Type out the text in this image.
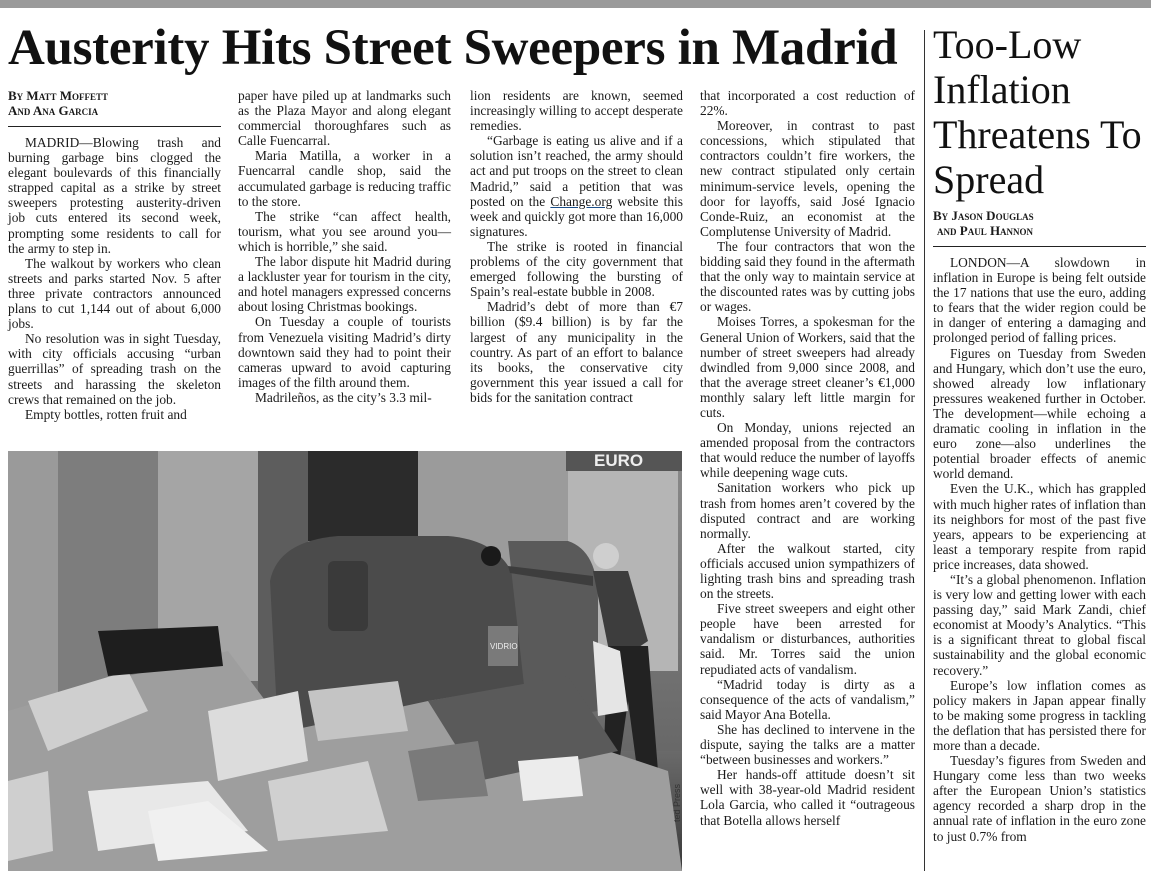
Austerity Hits Street Sweepers in Madrid
By Matt Moffett
And Ana Garcia

MADRID—Blowing trash and burning garbage bins clogged the elegant boulevards of this financially strapped capital as a strike by street sweepers protesting austerity-driven job cuts entered its second week, prompting some residents to call for the army to step in.

The walkout by workers who clean streets and parks started Nov. 5 after three private contractors announced plans to cut 1,144 out of about 6,000 jobs.

No resolution was in sight Tuesday, with city officials accusing “urban guerrillas” of spreading trash on the streets and harassing the skeleton crews that remained on the job.

Empty bottles, rotten fruit and

paper have piled up at landmarks such as the Plaza Mayor and along elegant commercial thoroughfares such as Calle Fuencarral.

Maria Matilla, a worker in a Fuencarral candle shop, said the accumulated garbage is reducing traffic to the store.

The strike “can affect health, tourism, what you see around you—which is horrible,” she said.

The labor dispute hit Madrid during a lackluster year for tourism in the city, and hotel managers expressed concerns about losing Christmas bookings.

On Tuesday a couple of tourists from Venezuela visiting Madrid’s dirty downtown said they had to point their cameras upward to avoid capturing images of the filth around them.

Madrileños, as the city’s 3.3 mil-

lion residents are known, seemed increasingly willing to accept desperate remedies.

“Garbage is eating us alive and if a solution isn’t reached, the army should act and put troops on the street to clean Madrid,” said a petition that was posted on the Change.org website this week and quickly got more than 16,000 signatures.

The strike is rooted in financial problems of the city government that emerged following the bursting of Spain’s real-estate bubble in 2008.

Madrid’s debt of more than €7 billion ($9.4 billion) is by far the largest of any municipality in the country. As part of an effort to balance its books, the conservative city government this year issued a call for bids for the sanitation contract

that incorporated a cost reduction of 22%.

Moreover, in contrast to past concessions, which stipulated that contractors couldn’t fire workers, the new contract stipulated only certain minimum-service levels, opening the door for layoffs, said José Ignacio Conde-Ruiz, an economist at the Complutense University of Madrid.

The four contractors that won the bidding said they found in the aftermath that the only way to maintain service at the discounted rates was by cutting jobs or wages.

Moises Torres, a spokesman for the General Union of Workers, said that the number of street sweepers had already dwindled from 9,000 since 2008, and that the average street cleaner’s €1,000 monthly salary left little margin for cuts.

On Monday, unions rejected an amended proposal from the contractors that would reduce the number of layoffs while deepening wage cuts.

Sanitation workers who pick up trash from homes aren’t covered by the disputed contract and are working normally.

After the walkout started, city officials accused union sympathizers of lighting trash bins and spreading trash on the streets.

Five street sweepers and eight other people have been arrested for vandalism or disturbances, authorities said. Mr. Torres said the union repudiated acts of vandalism.

“Madrid today is dirty as a consequence of the acts of vandalism,” said Mayor Ana Botella.

She has declined to intervene in the dispute, saying the talks are a matter “between businesses and workers.”

Her hands-off attitude doesn’t sit well with 38-year-old Madrid resident Lola Garcia, who called it “outrageous that Botella allows herself

EURO
VIDRIO
ted Press
Too-Low Inflation Threatens To Spread
By Jason Douglas
and Paul Hannon

LONDON—A slowdown in inflation in Europe is being felt outside the 17 nations that use the euro, adding to fears that the wider region could be in danger of entering a damaging and prolonged period of falling prices.

Figures on Tuesday from Sweden and Hungary, which don’t use the euro, showed already low inflationary pressures weakened further in October. The development—while echoing a dramatic cooling in inflation in the euro zone—also underlines the potential broader effects of anemic world demand.

Even the U.K., which has grappled with much higher rates of inflation than its neighbors for most of the past five years, appears to be experiencing at least a temporary respite from rapid price increases, data showed.

“It’s a global phenomenon. Inflation is very low and getting lower with each passing day,” said Mark Zandi, chief economist at Moody’s Analytics. “This is a significant threat to global fiscal sustainability and the global economic recovery.”

Europe’s low inflation comes as policy makers in Japan appear finally to be making some progress in tackling the deflation that has persisted there for more than a decade.

Tuesday’s figures from Sweden and Hungary come less than two weeks after the European Union’s statistics agency recorded a sharp drop in the annual rate of inflation in the euro zone to just 0.7% from
